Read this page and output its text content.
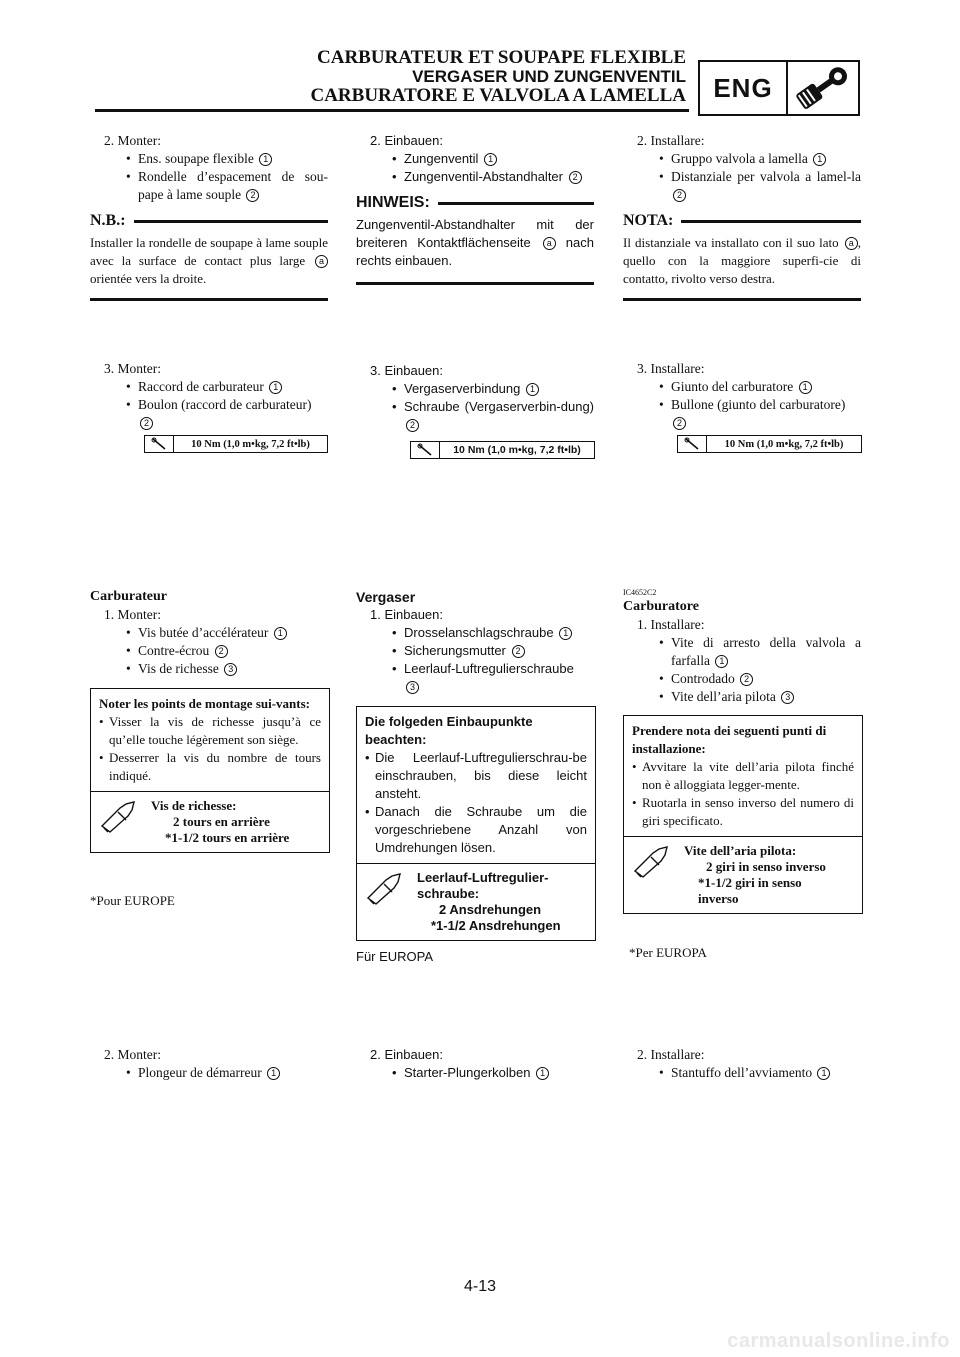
CARBURATEUR ET SOUPAPE FLEXIBLE
VERGASER UND ZUNGENVENTIL
CARBURATORE E VALVOLA A LAMELLA	ENG

2. Monter:

• Ens. soupape flexible 1
• Rondelle d’espacement de sou-pape à lame souple 2
N.B.:
Installer la rondelle de soupape à lame souple avec la surface de contact plus large a orientée vers la droite.

3. Monter:

• Raccord de carburateur 1
• Boulon (raccord de carburateur)
2
10 Nm (1,0 m•kg, 7,2 ft•lb)
Carburateur

1. Monter:

• Vis butée d’accélérateur 1
• Contre-écrou 2
• Vis de richesse 3
Noter les points de montage sui-vants:
• Visser la vis de richesse jusqu’à ce qu’elle touche légèrement son siège.
• Desserrer la vis du nombre de tours indiqué.
Vis de richesse:
2 tours en arrière
*1-1/2 tours en arrière
*Pour EUROPE

2. Monter:

• Plongeur de démarreur 1

2. Einbauen:

• Zungenventil 1
• Zungenventil-Abstandhalter 2
HINWEIS:
Zungenventil-Abstandhalter mit der breiteren Kontaktflächenseite a nach rechts einbauen.

3. Einbauen:

• Vergaserverbindung 1
• Schraube (Vergaserverbin-dung) 2
10 Nm (1,0 m•kg, 7,2 ft•lb)
Vergaser

1. Einbauen:

• Drosselanschlagschraube 1
• Sicherungsmutter 2
• Leerlauf-Luftregulierschraube
3
Die folgeden Einbaupunkte beachten:
• Die Leerlauf-Luftregulierschrau-be einschrauben, bis diese leicht ansteht.
• Danach die Schraube um die vorgeschriebene Anzahl von Umdrehungen lösen.
Leerlauf-Luftregulier-schraube:
2 Ansdrehungen
*1-1/2 Ansdrehungen
Für EUROPA

2. Einbauen:

• Starter-Plungerkolben 1

2. Installare:

• Gruppo valvola a lamella 1
• Distanziale per valvola a lamel-la 2
NOTA:
Il distanziale va installato con il suo lato a , quello con la maggiore superfi-cie di contatto, rivolto verso destra.

3. Installare:

• Giunto del carburatore 1
• Bullone (giunto del carburatore)
2
10 Nm (1,0 m•kg, 7,2 ft•lb)
IC4652C2
Carburatore

1. Installare:

• Vite di arresto della valvola a farfalla 1
• Controdado 2
• Vite dell’aria pilota 3
Prendere nota dei seguenti punti di installazione:
• Avvitare la vite dell’aria pilota finché non è alloggiata legger-mente.
• Ruotarla in senso inverso del numero di giri specificato.
Vite dell’aria pilota:
2 giri in senso inverso
*1-1/2 giri in senso inverso
*Per EUROPA

2. Installare:

• Stantuffo dell’avviamento 1
4-13
carmanualsonline.info
